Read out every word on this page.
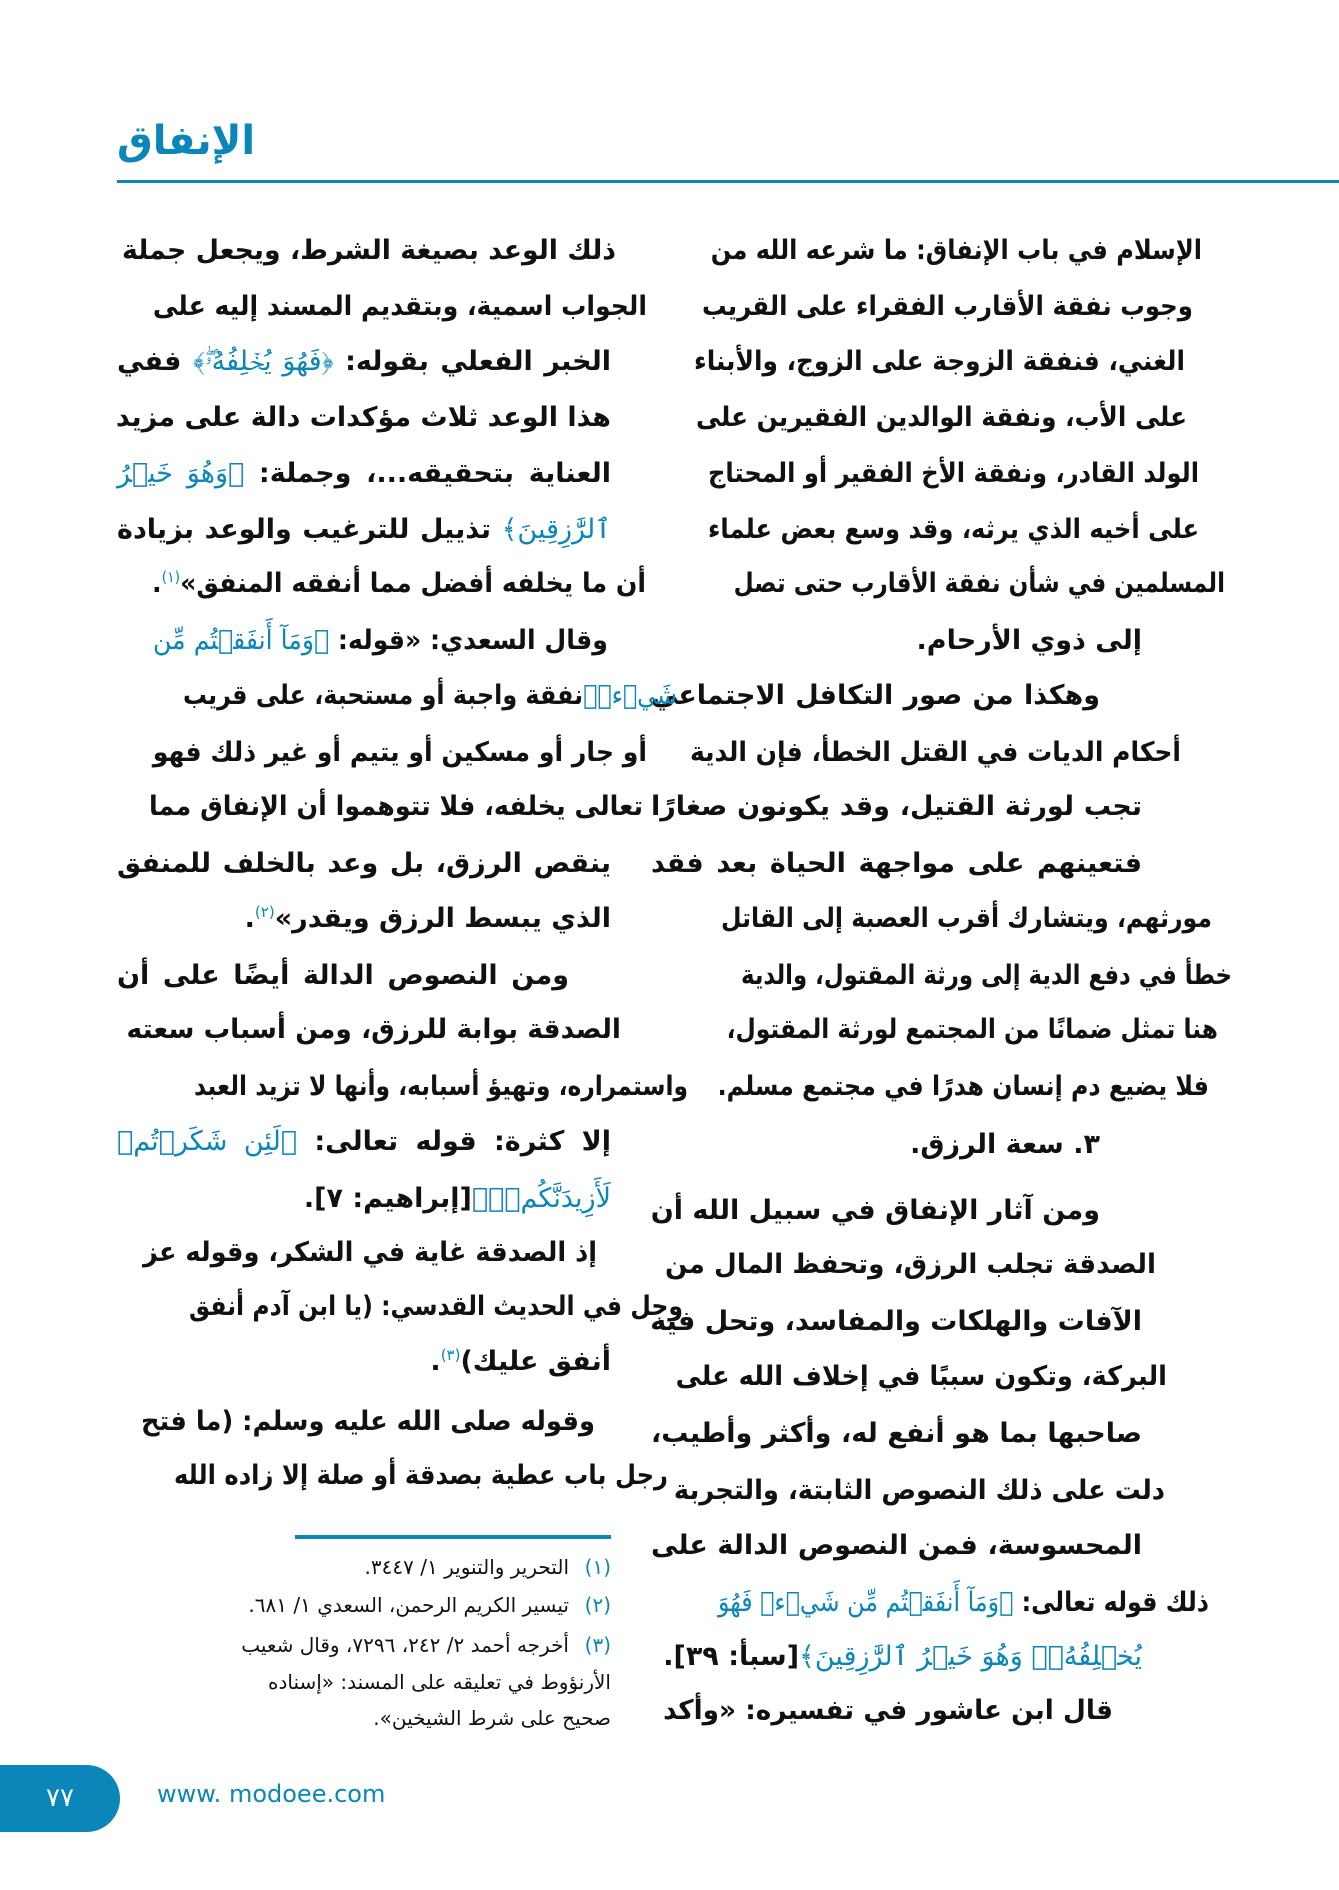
الإنفاق
الإسلام في باب الإنفاق: ما شرعه الله من
وجوب نفقة الأقارب الفقراء على القريب
الغني، فنفقة الزوجة على الزوج، والأبناء
على الأب، ونفقة الوالدين الفقيرين على
الولد القادر، ونفقة الأخ الفقير أو المحتاج
على أخيه الذي يرثه، وقد وسع بعض علماء
المسلمين في شأن نفقة الأقارب حتى تصل
إلى ذوي الأرحام.
وهكذا من صور التكافل الاجتماعي
أحكام الديات في القتل الخطأ، فإن الدية
تجب لورثة القتيل، وقد يكونون صغارًا
فتعينهم على مواجهة الحياة بعد فقد
مورثهم، ويتشارك أقرب العصبة إلى القاتل
خطأ في دفع الدية إلى ورثة المقتول، والدية
هنا تمثل ضمانًا من المجتمع لورثة المقتول،
فلا يضيع دم إنسان هدرًا في مجتمع مسلم.
٣. سعة الرزق.
ومن آثار الإنفاق في سبيل الله أن
الصدقة تجلب الرزق، وتحفظ المال من
الآفات والهلكات والمفاسد، وتحل فيه
البركة، وتكون سببًا في إخلاف الله على
صاحبها بما هو أنفع له، وأكثر وأطيب،
دلت على ذلك النصوص الثابتة، والتجربة
المحسوسة، فمن النصوص الدالة على
ذلك قوله تعالى: ﴿وَمَآ أَنفَقۡتُم مِّن شَيۡءٖ فَهُوَ
يُخۡلِفُهُۥۖ وَهُوَ خَيۡرُ ٱلرَّٰزِقِينَ﴾[سبأ: ٣٩].
قال ابن عاشور في تفسيره: «وأكد
ذلك الوعد بصيغة الشرط، ويجعل جملة
الجواب اسمية، وبتقديم المسند إليه على
الخبر الفعلي بقوله: ﴿فَهُوَ يُخۡلِفُهُۥۖ﴾ ففي
هذا الوعد ثلاث مؤكدات دالة على مزيد
العناية بتحقيقه...، وجملة: ﴿وَهُوَ خَيۡرُ
ٱلرَّٰزِقِينَ﴾ تذييل للترغيب والوعد بزيادة
أن ما يخلفه أفضل مما أنفقه المنفق»$^{(١)}$.
وقال السعدي: «قوله: ﴿وَمَآ أَنفَقۡتُم مِّن
شَيۡءٖ﴾نفقة واجبة أو مستحبة، على قريب
أو جار أو مسكين أو يتيم أو غير ذلك فهو
تعالى يخلفه، فلا تتوهموا أن الإنفاق مما
ينقص الرزق، بل وعد بالخلف للمنفق
الذي يبسط الرزق ويقدر»$^{(٢)}$.
ومن النصوص الدالة أيضًا على أن
الصدقة بوابة للرزق، ومن أسباب سعته
واستمراره، وتهيؤ أسبابه، وأنها لا تزيد العبد
إلا كثرة: قوله تعالى: ﴿لَئِن شَكَرۡتُمۡ
لَأَزِيدَنَّكُمۡۖ﴾[إبراهيم: ٧].
إذ الصدقة غاية في الشكر، وقوله عز
وجل في الحديث القدسي: (يا ابن آدم أنفق
أنفق عليك)$^{(٣)}$.
وقوله صلى الله عليه وسلم: (ما فتح
رجل باب عطية بصدقة أو صلة إلا زاده الله
(١)التحرير والتنوير ١/ ٣٤٤٧.
(٢)تيسير الكريم الرحمن، السعدي ١/ ٦٨١.
(٣)أخرجه أحمد ٢/ ٢٤٢، ٧٢٩٦، وقال شعيب
الأرنؤوط في تعليقه على المسند: «إسناده
صحيح على شرط الشيخين».
٧٧	www. modoee.com
